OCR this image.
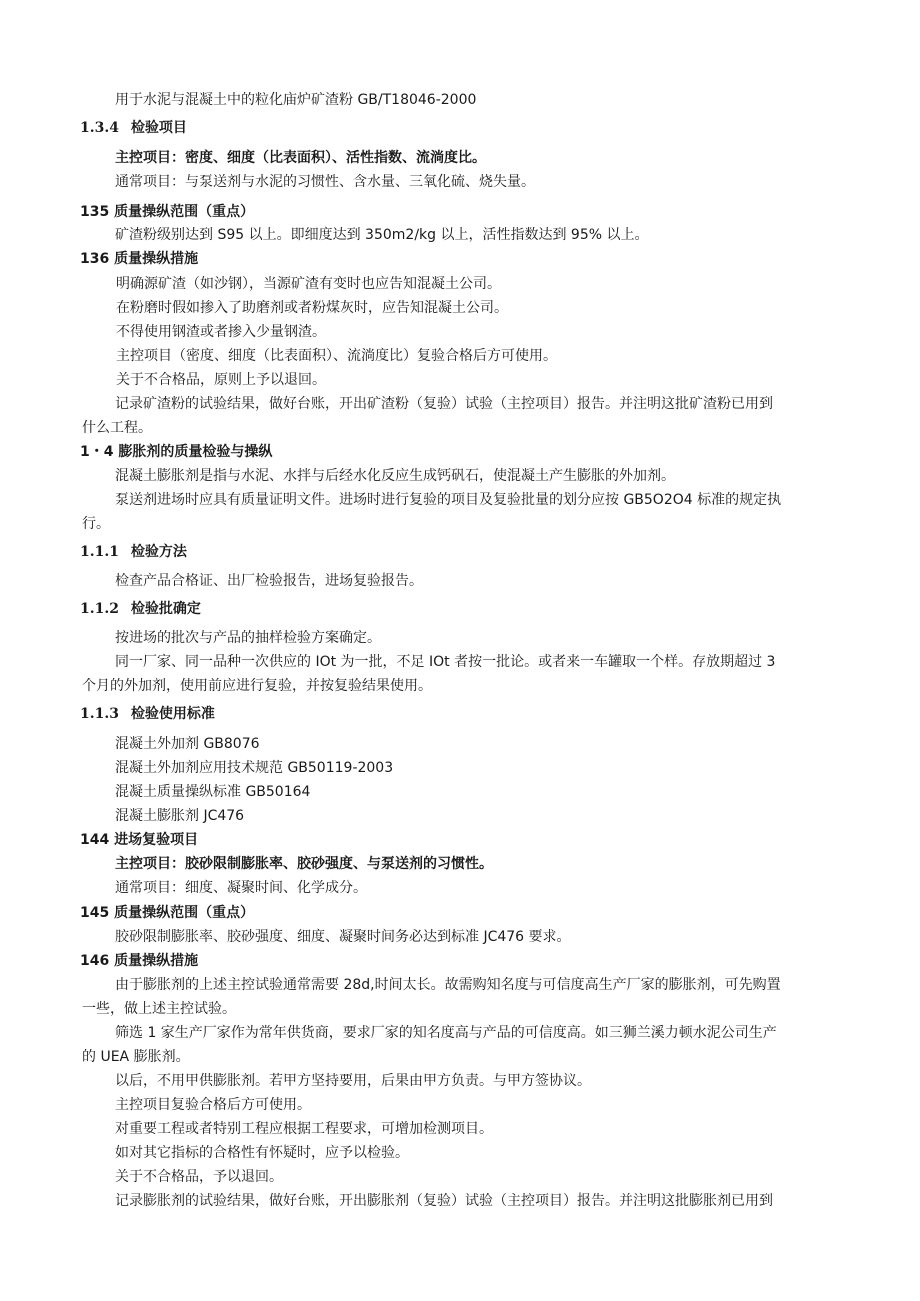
用于水泥与混凝土中的粒化庙炉矿渣粉 GB/T18046-2000
1.3.4 检验项目
主控项目：密度、细度（比表面积）、活性指数、流淌度比。
通常项目：与泵送剂与水泥的习惯性、含水量、三氧化硫、烧失量。
135 质量操纵范围（重点）
矿渣粉级别达到 S95 以上。即细度达到 350m2∕kg 以上，活性指数达到 95% 以上。
136 质量操纵措施
明确源矿渣（如沙钢），当源矿渣有变时也应告知混凝土公司。
在粉磨时假如掺入了助磨剂或者粉煤灰时，应告知混凝土公司。
不得使用钢渣或者掺入少量钢渣。
主控项目（密度、细度（比表面积）、流淌度比）复验合格后方可使用。
关于不合格品，原则上予以退回。
记录矿渣粉的试验结果，做好台账，开出矿渣粉（复验）试验（主控项目）报告。并注明这批矿渣粉已用到
什么工程。
1・4 膨胀剂的质量检验与操纵
混凝土膨胀剂是指与水泥、水拌与后经水化反应生成钙矾石，使混凝土产生膨胀的外加剂。
泵送剂进场时应具有质量证明文件。进场时进行复验的项目及复验批量的划分应按 GB5O2O4 标准的规定执
行。
1.1.1 检验方法
检查产品合格证、出厂检验报告，进场复验报告。
1.1.2 检验批确定
按进场的批次与产品的抽样检验方案确定。
同一厂家、同一品种一次供应的 IOt 为一批，不足 IOt 者按一批论。或者来一车罐取一个样。存放期超过 3
个月的外加剂，使用前应进行复验，并按复验结果使用。
1.1.3 检验使用标准
混凝土外加剂 GB8076
混凝土外加剂应用技术规范 GB50119-2003
混凝土质量操纵标准 GB50164
混凝土膨胀剂 JC476
144 进场复验项目
主控项目：胶砂限制膨胀率、胶砂强度、与泵送剂的习惯性。
通常项目：细度、凝聚时间、化学成分。
145 质量操纵范围（重点）
胶砂限制膨胀率、胶砂强度、细度、凝聚时间务必达到标准 JC476 要求。
146 质量操纵措施
由于膨胀剂的上述主控试验通常需要 28d,时间太长。故需购知名度与可信度高生产厂家的膨胀剂，可先购置
一些，做上述主控试验。
筛选 1 家生产厂家作为常年供货商，要求厂家的知名度高与产品的可信度高。如三狮兰溪力顿水泥公司生产
的 UEA 膨胀剂。
以后，不用甲供膨胀剂。若甲方坚持要用，后果由甲方负责。与甲方签协议。
主控项目复验合格后方可使用。
对重要工程或者特别工程应根据工程要求，可增加检测项目。
如对其它指标的合格性有怀疑时，应予以检验。
关于不合格品，予以退回。
记录膨胀剂的试验结果，做好台账，开出膨胀剂（复验）试验（主控项目）报告。并注明这批膨胀剂已用到
